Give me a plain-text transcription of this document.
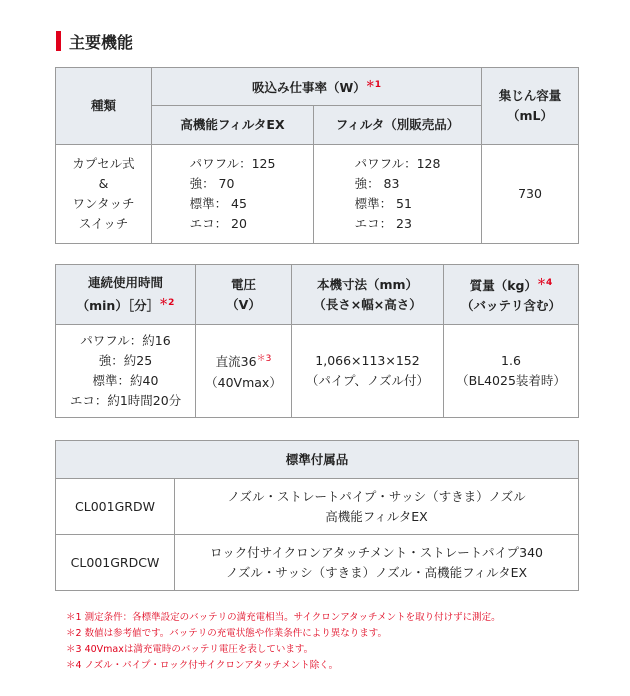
主要機能
種類	吸込み仕事率$(W)^{*1}$		集じん容量
（mL）
	高機能フィルタEX	フィルタ（別販売品）	
カプセル式
&
ワンタッチ
スイッチ	パワフル：125
強： 70
標準： 45
エコ： 20	パワフル：128
強： 83
標準： 51
エコ： 23	730
連続使用時間
（min）［分］$^{*2}$	電圧
（V）	本機寸法（mm）
（長さ×幅×高さ）	質量（kg）$^{*4}$
（バッテリ含む）
パワフル：約16
強：約25
標準：約40
エコ：約1時間20分	直流$36^{*3}$
（40Vmax）	1,066×113×152
（パイプ、ノズル付）	1.6
（BL4025装着時）
標準付属品	
CL001GRDW	ノズル・ストレートパイプ・サッシ（すきま）ノズル
高機能フィルタEX
CL001GRDCW	ロック付サイクロンアタッチメント・ストレートパイプ340
ノズル・サッシ（すきま）ノズル・高機能フィルタEX
＊1 測定条件：各標準設定のバッテリの満充電相当。サイクロンアタッチメントを取り付けずに測定。
＊2 数値は参考値です。バッテリの充電状態や作業条件により異なります。
＊3 40Vmaxは満充電時のバッテリ電圧を表しています。
＊4 ノズル・パイプ・ロック付サイクロンアタッチメント除く。
